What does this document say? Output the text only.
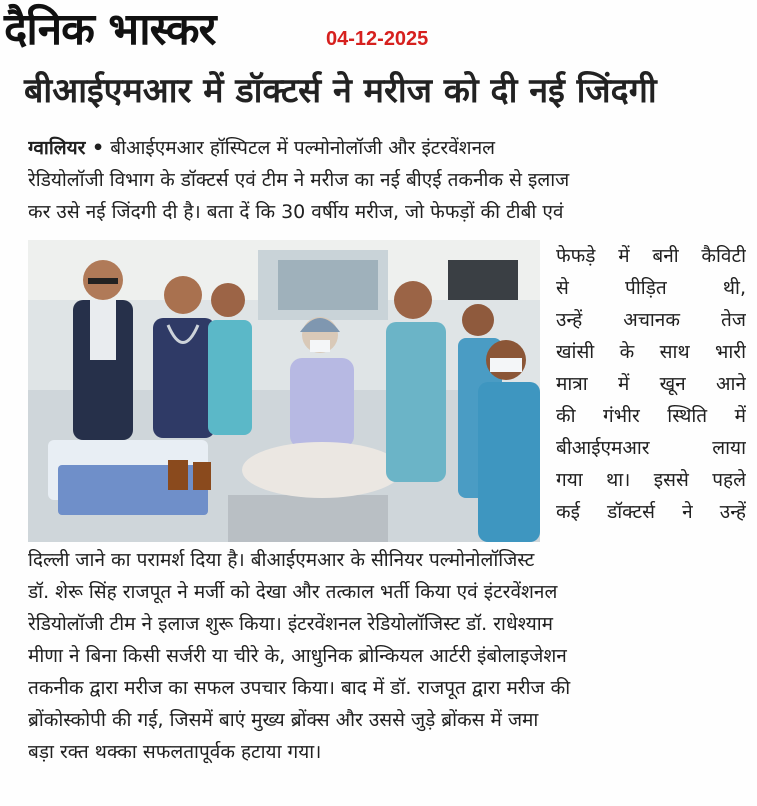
दैनिक भास्कर	04-12-2025
बीआईएमआर में डॉक्टर्स ने मरीज को दी नई जिंदगी
ग्वालियर • बीआईएमआर हॉस्पिटल में पल्मोनोलॉजी और इंटरवेंशनल
रेडियोलॉजी विभाग के डॉक्टर्स एवं टीम ने मरीज का नई बीएई तकनीक से इलाज
कर उसे नई जिंदगी दी है। बता दें कि 30 वर्षीय मरीज, जो फेफड़ों की टीबी एवं
फेफड़े में बनी कैविटी
से पीड़ित थी,
उन्हें अचानक तेज
खांसी के साथ भारी
मात्रा में खून आने
की गंभीर स्थिति में
बीआईएमआर लाया
गया था। इससे पहले
कई डॉक्टर्स ने उन्हें
दिल्ली जाने का परामर्श दिया है। बीआईएमआर के सीनियर पल्मोनोलॉजिस्ट
डॉ. शेरू सिंह राजपूत ने मर्जी को देखा और तत्काल भर्ती किया एवं इंटरवेंशनल
रेडियोलॉजी टीम ने इलाज शुरू किया। इंटरवेंशनल रेडियोलॉजिस्ट डॉ. राधेश्याम
मीणा ने बिना किसी सर्जरी या चीरे के, आधुनिक ब्रोन्कियल आर्टरी इंबोलाइजेशन
तकनीक द्वारा मरीज का सफल उपचार किया। बाद में डॉ. राजपूत द्वारा मरीज की
ब्रोंकोस्कोपी की गई, जिसमें बाएं मुख्य ब्रोंक्स और उससे जुड़े ब्रोंकस में जमा
बड़ा रक्त थक्का सफलतापूर्वक हटाया गया।
